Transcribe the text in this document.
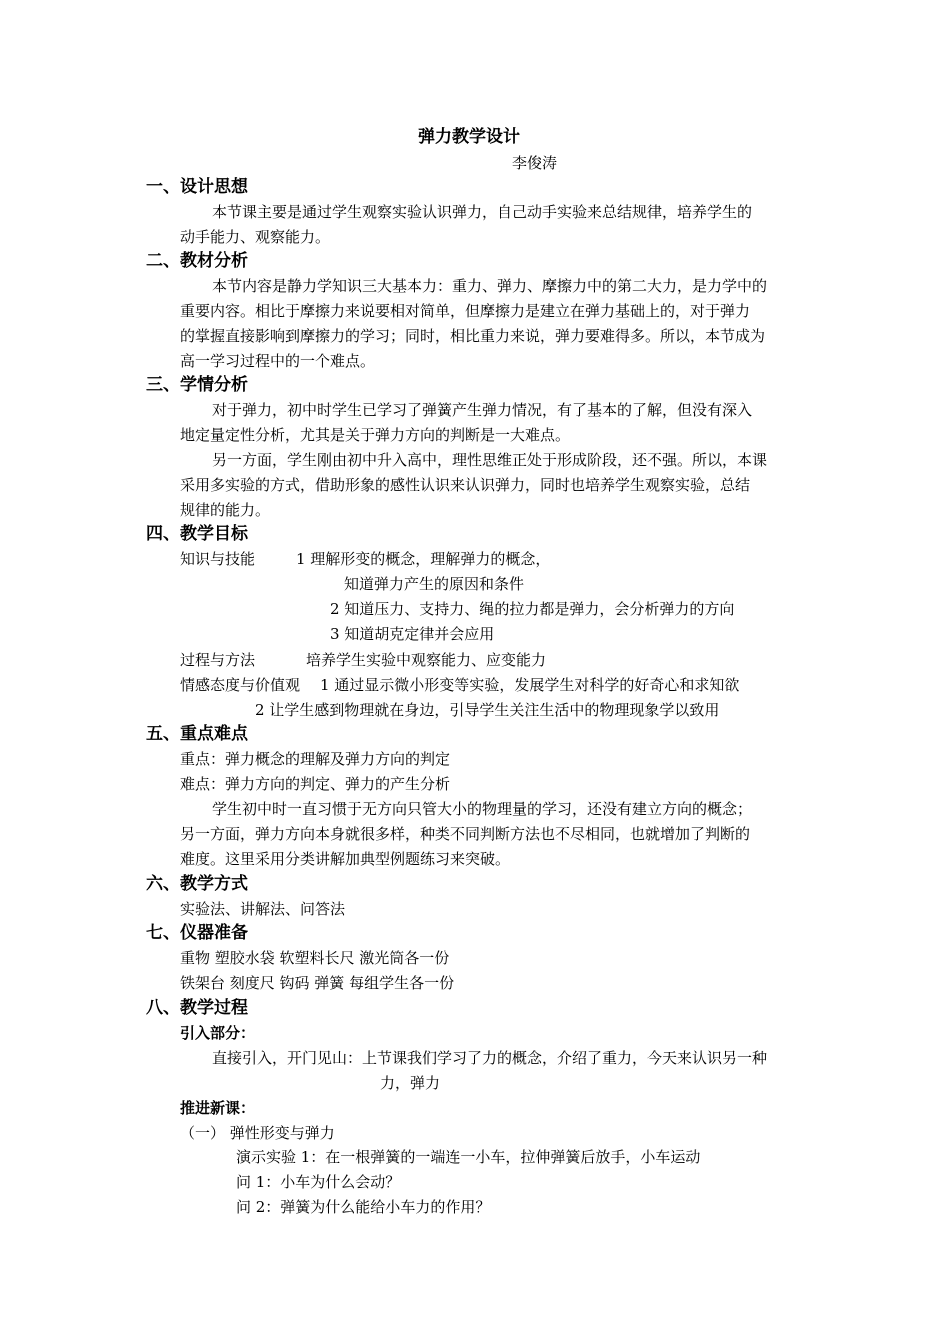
弹力教学设计
李俊涛
一、设计思想
本节课主要是通过学生观察实验认识弹力，自己动手实验来总结规律，培养学生的
动手能力、观察能力。
二、教材分析
本节内容是静力学知识三大基本力：重力、弹力、摩擦力中的第二大力，是力学中的
重要内容。相比于摩擦力来说要相对简单，但摩擦力是建立在弹力基础上的，对于弹力
的掌握直接影响到摩擦力的学习；同时，相比重力来说，弹力要难得多。所以，本节成为
高一学习过程中的一个难点。
三、学情分析
对于弹力，初中时学生已学习了弹簧产生弹力情况，有了基本的了解，但没有深入
地定量定性分析，尤其是关于弹力方向的判断是一大难点。
另一方面，学生刚由初中升入高中，理性思维正处于形成阶段，还不强。所以，本课
采用多实验的方式，借助形象的感性认识来认识弹力，同时也培养学生观察实验，总结
规律的能力。
四、教学目标
知识与技能	1 理解形变的概念，理解弹力的概念，
知道弹力产生的原因和条件
2 知道压力、支持力、绳的拉力都是弹力，会分析弹力的方向
3 知道胡克定律并会应用
过程与方法	培养学生实验中观察能力、应变能力
情感态度与价值观 1 通过显示微小形变等实验，发展学生对科学的好奇心和求知欲
2 让学生感到物理就在身边，引导学生关注生活中的物理现象学以致用
五、重点难点
重点：弹力概念的理解及弹力方向的判定
难点：弹力方向的判定、弹力的产生分析
学生初中时一直习惯于无方向只管大小的物理量的学习，还没有建立方向的概念；
另一方面，弹力方向本身就很多样，种类不同判断方法也不尽相同，也就增加了判断的
难度。这里采用分类讲解加典型例题练习来突破。
六、教学方式
实验法、讲解法、问答法
七、仪器准备
重物 塑胶水袋 软塑料长尺 激光筒各一份
铁架台 刻度尺 钩码 弹簧 每组学生各一份
八、教学过程
引入部分：
直接引入，开门见山：上节课我们学习了力的概念，介绍了重力，今天来认识另一种
力，弹力
推进新课：
（一） 弹性形变与弹力
演示实验 1：在一根弹簧的一端连一小车，拉伸弹簧后放手，小车运动
问 1：小车为什么会动？
问 2：弹簧为什么能给小车力的作用？
